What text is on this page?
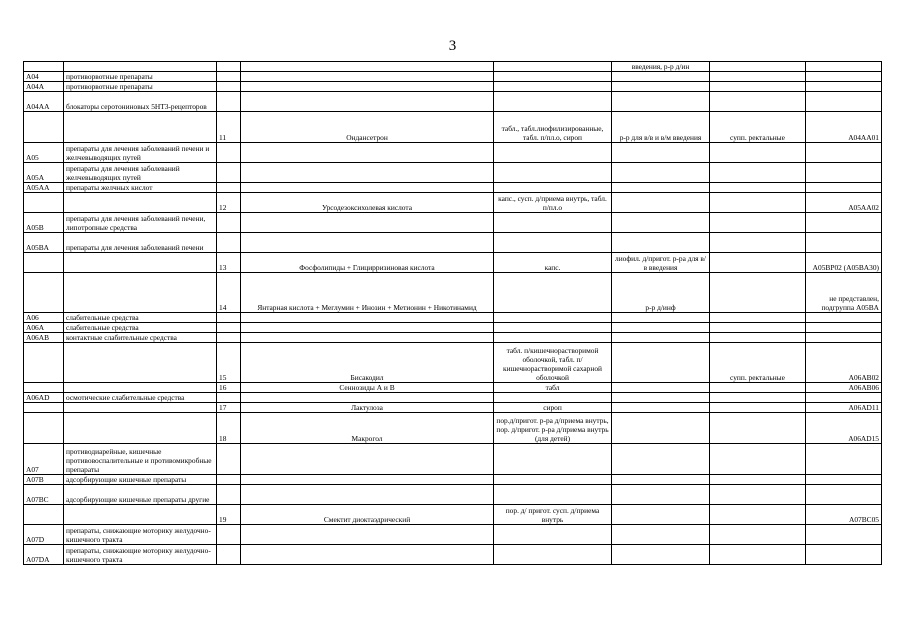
3
					введения, р-р д/ин		
A04	противорвотные препараты						
A04A	противорвотные препараты						
A04AA	блокаторы серотониновых 5НТ3-рецепторов						
		11	Ондансетрон	табл., табл.лиофилизированные, табл. п/пл.о, сироп	р-р для в/в и в/м введения	супп. ректальные	A04AA01
A05	препараты для лечения заболеваний печени и желчевыводящих путей						
A05A	препараты для лечения заболеваний желчевыводящих путей						
A05AA	препараты желчных кислот						
		12	Урсодезоксихолевая кислота	капс., сусп. д/приема внутрь, табл. п/пл.о			A05AA02
A05B	препараты для лечения заболеваний печени, липотропные средства						
A05BA	препараты для лечения заболеваний печени						
		13	Фосфолипиды + Глицирризиновая кислота	капс.	лиофил. д/пригот. р-ра для в/в введения		A05BP02 (A05BA30)
		14	Янтарная кислота + Меглумин + Инозин + Метионин + Никотинамид		р-р д/инф		не представлен, подгруппа A05BA
A06	слабительные средства						
A06A	слабительные средства						
A06AB	контактные слабительные средства						
		15	Бисакодил	табл. п/кишечнорастворимой оболочкой, табл. п/кишечнорастворимой сахарной оболочкой		супп. ректальные	A06AB02
		16	Сеннозиды А и В	табл			A06AB06
A06AD	осмотические слабительные средства						
		17	Лактулоза	сироп			A06AD11
		18	Макрогол	пор.д/пригот. р-ра д/приема внутрь, пор. д/пригот. р-ра д/приема внутрь (для детей)			A06AD15
A07	противодиарейные, кишечные противовоспалительные и противомикробные препараты						
A07B	адсорбирующие кишечные препараты						
A07BC	адсорбирующие кишечные препараты другие						
		19	Смектит диоктаэдрический	пор. д/ пригот. сусп. д/приема внутрь			A07BC05
A07D	препараты, снижающие моторику желудочно-кишечного тракта						
A07DA	препараты, снижающие моторику желудочно-кишечного тракта						
